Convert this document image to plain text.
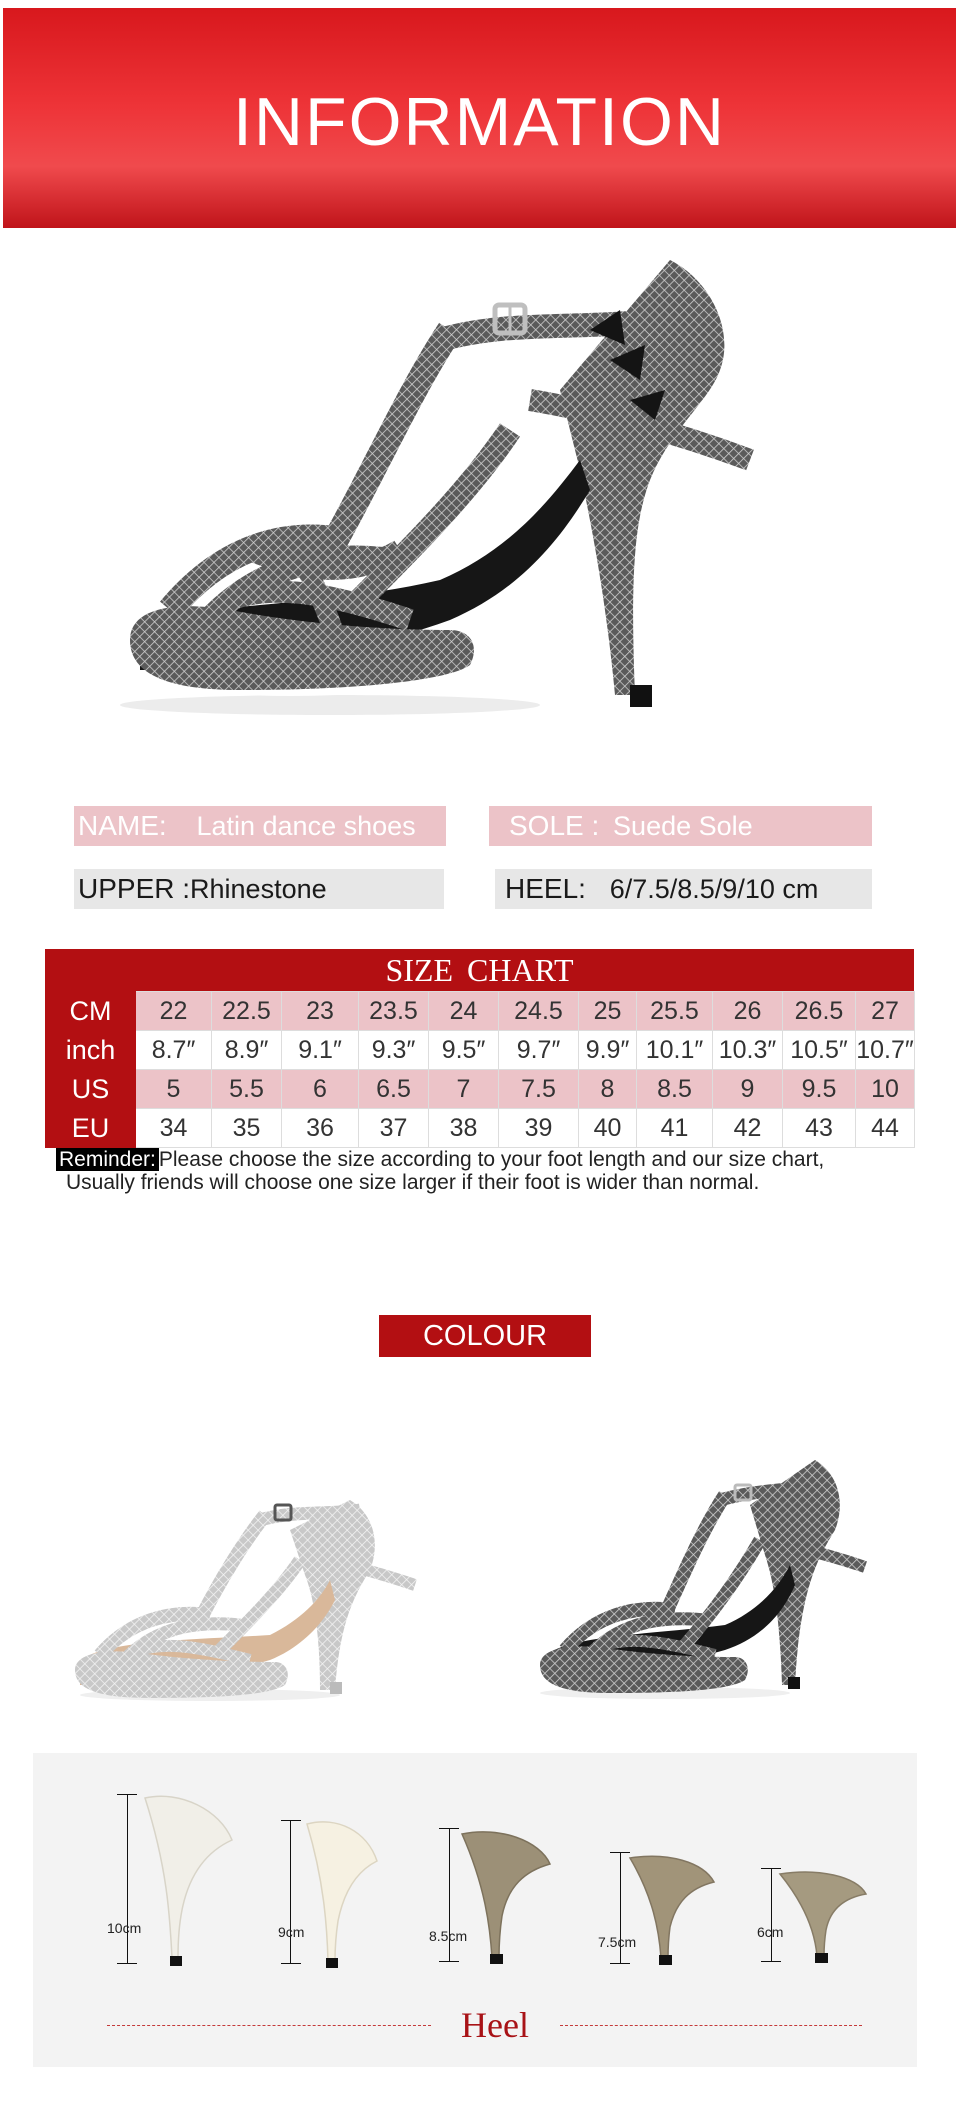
INFORMATION
NAME: Latin dance shoes	SOLE : Suede Sole
UPPER :Rhinestone	HEEL: 6/7.5/8.5/9/10 cm
SIZE CHART
CM	22	22.5	23	23.5	24	24.5	25	25.5	26	26.5	27
inch	8.7″	8.9″	9.1″	9.3″	9.5″	9.7″	9.9″	10.1″	10.3″	10.5″	10.7″
US	5	5.5	6	6.5	7	7.5	8	8.5	9	9.5	10
EU	34	35	36	37	38	39	40	41	42	43	44
Reminder: Please choose the size according to your foot length and our size chart,
Usually friends will choose one size larger if their foot is wider than normal.
COLOUR
10cm	9cm	8.5cm	7.5cm
6cm
Heel
